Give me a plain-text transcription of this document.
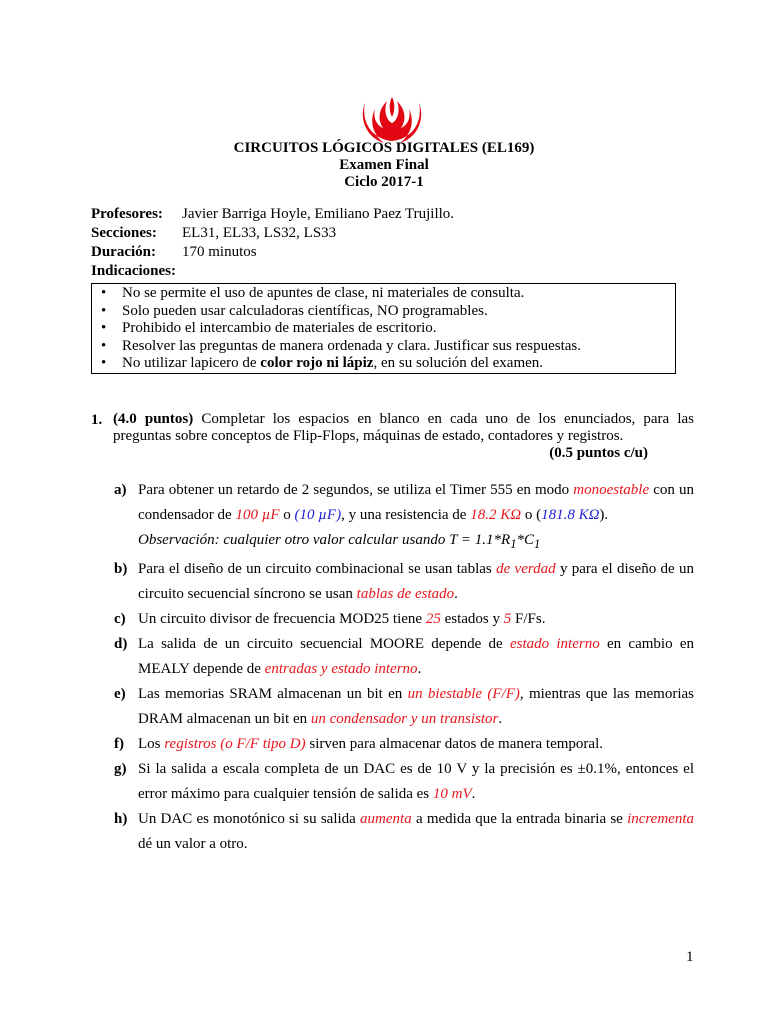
CIRCUITOS LÓGICOS DIGITALES (EL169)
Examen Final
Ciclo 2017-1
Profesores: Javier Barriga Hoyle, Emiliano Paez Trujillo.
Secciones: EL31, EL33, LS32, LS33
Duración: 170 minutos
Indicaciones:
• No se permite el uso de apuntes de clase, ni materiales de consulta.
• Solo pueden usar calculadoras científicas, NO programables.
• Prohibido el intercambio de materiales de escritorio.
• Resolver las preguntas de manera ordenada y clara. Justificar sus respuestas.
• No utilizar lapicero de color rojo ni lápiz, en su solución del examen.
1. (4.0 puntos) Completar los espacios en blanco en cada uno de los enunciados, para las preguntas sobre conceptos de Flip-Flops, máquinas de estado, contadores y registros.
(0.5 puntos c/u)
a) Para obtener un retardo de 2 segundos, se utiliza el Timer 555 en modo monoestable con un condensador de 100 µF o (10 µF), y una resistencia de 18.2 KΩ o (181.8 KΩ).
Observación: cualquier otro valor calcular usando $T = 1.1*R_1*C_1$
b) Para el diseño de un circuito combinacional se usan tablas de verdad y para el diseño de un circuito secuencial síncrono se usan tablas de estado.
c) Un circuito divisor de frecuencia MOD25 tiene 25 estados y 5 F/Fs.
d) La salida de un circuito secuencial MOORE depende de estado interno en cambio en MEALY depende de entradas y estado interno.
e) Las memorias SRAM almacenan un bit en un biestable (F/F), mientras que las memorias DRAM almacenan un bit en un condensador y un transistor.
f) Los registros (o F/F tipo D) sirven para almacenar datos de manera temporal.
g) Si la salida a escala completa de un DAC es de 10 V y la precisión es ±0.1%, entonces el error máximo para cualquier tensión de salida es 10 mV.
h) Un DAC es monotónico si su salida aumenta a medida que la entrada binaria se incrementa dé un valor a otro.
1
